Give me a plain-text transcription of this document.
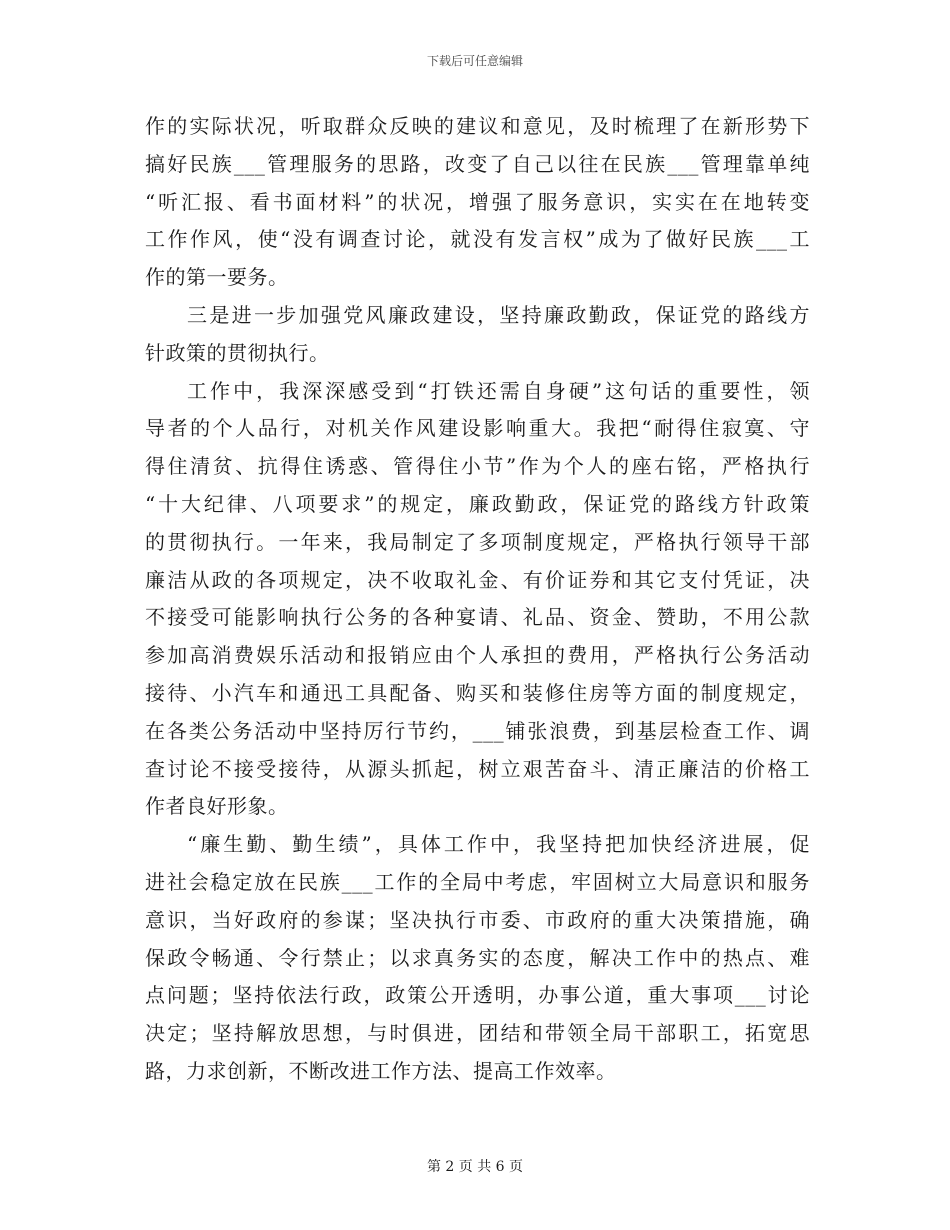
下载后可任意编辑
作的实际状况，听取群众反映的建议和意见，及时梳理了在新形势下
搞好民族___管理服务的思路，改变了自己以往在民族___管理靠单纯
“听汇报、看书面材料”的状况，增强了服务意识，实实在在地转变
工作作风，使“没有调查讨论，就没有发言权”成为了做好民族___工
作的第一要务。
三是进一步加强党风廉政建设，坚持廉政勤政，保证党的路线方
针政策的贯彻执行。
工作中，我深深感受到“打铁还需自身硬”这句话的重要性，领
导者的个人品行，对机关作风建设影响重大。我把“耐得住寂寞、守
得住清贫、抗得住诱惑、管得住小节”作为个人的座右铭，严格执行
“十大纪律、八项要求”的规定，廉政勤政，保证党的路线方针政策
的贯彻执行。一年来，我局制定了多项制度规定，严格执行领导干部
廉洁从政的各项规定，决不收取礼金、有价证券和其它支付凭证，决
不接受可能影响执行公务的各种宴请、礼品、资金、赞助，不用公款
参加高消费娱乐活动和报销应由个人承担的费用，严格执行公务活动
接待、小汽车和通迅工具配备、购买和装修住房等方面的制度规定，
在各类公务活动中坚持厉行节约，___铺张浪费，到基层检查工作、调
查讨论不接受接待，从源头抓起，树立艰苦奋斗、清正廉洁的价格工
作者良好形象。
“廉生勤、勤生绩”，具体工作中，我坚持把加快经济进展，促
进社会稳定放在民族___工作的全局中考虑，牢固树立大局意识和服务
意识，当好政府的参谋；坚决执行市委、市政府的重大决策措施，确
保政令畅通、令行禁止；以求真务实的态度，解决工作中的热点、难
点问题；坚持依法行政，政策公开透明，办事公道，重大事项___讨论
决定；坚持解放思想，与时俱进，团结和带领全局干部职工，拓宽思
路，力求创新，不断改进工作方法、提高工作效率。
第 2 页 共 6 页
